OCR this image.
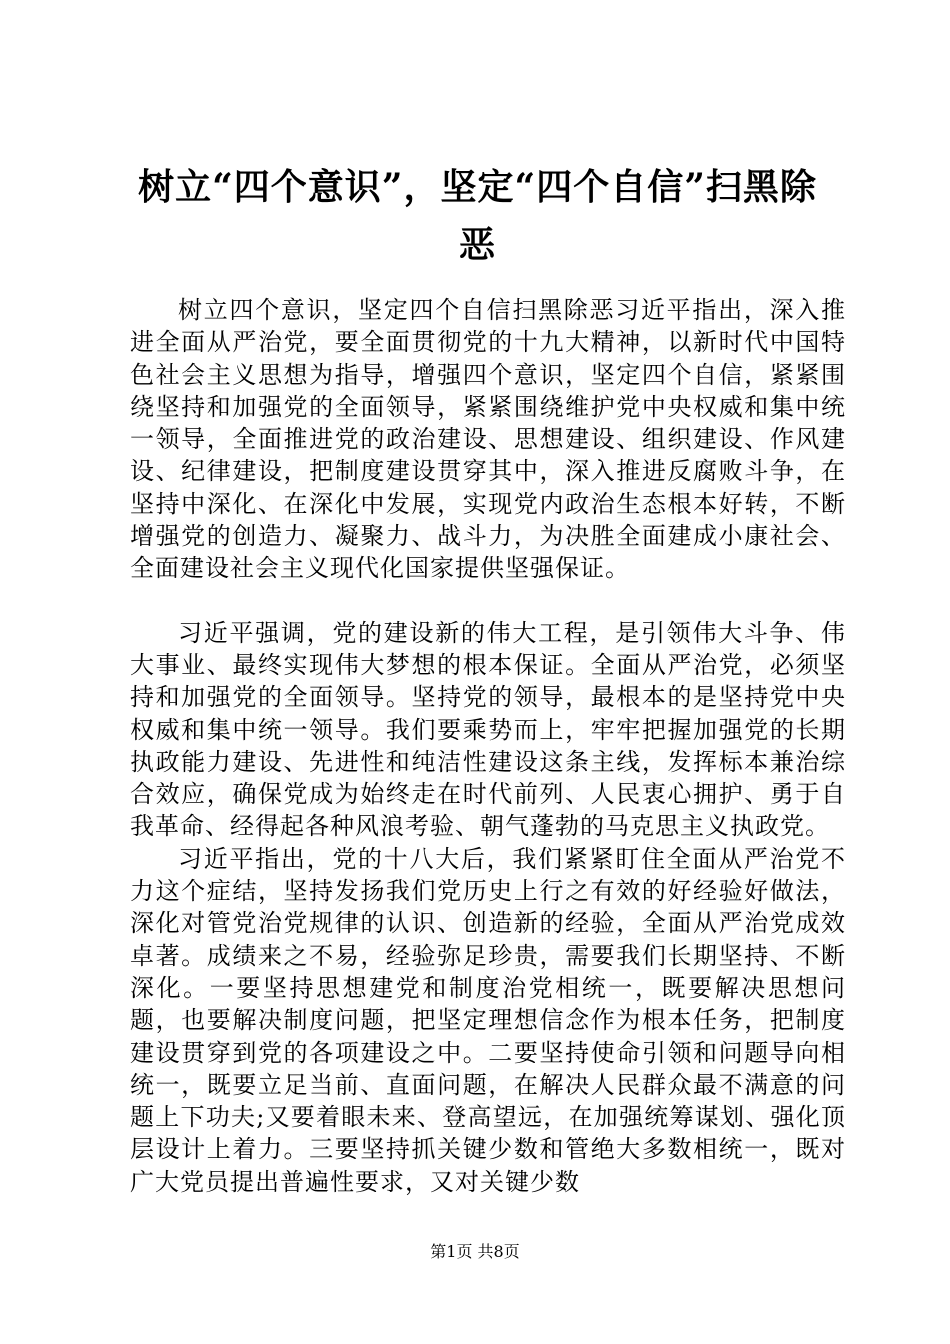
树立“四个意识”，坚定“四个自信”扫黑除恶

树立四个意识，坚定四个自信扫黑除恶习近平指出，深入推进全面从严治党，要全面贯彻党的十九大精神，以新时代中国特色社会主义思想为指导，增强四个意识，坚定四个自信，紧紧围绕坚持和加强党的全面领导，紧紧围绕维护党中央权威和集中统一领导，全面推进党的政治建设、思想建设、组织建设、作风建设、纪律建设，把制度建设贯穿其中，深入推进反腐败斗争，在坚持中深化、在深化中发展，实现党内政治生态根本好转，不断增强党的创造力、凝聚力、战斗力，为决胜全面建成小康社会、全面建设社会主义现代化国家提供坚强保证。

习近平强调，党的建设新的伟大工程，是引领伟大斗争、伟大事业、最终实现伟大梦想的根本保证。全面从严治党，必须坚持和加强党的全面领导。坚持党的领导，最根本的是坚持党中央权威和集中统一领导。我们要乘势而上，牢牢把握加强党的长期执政能力建设、先进性和纯洁性建设这条主线，发挥标本兼治综合效应，确保党成为始终走在时代前列、人民衷心拥护、勇于自我革命、经得起各种风浪考验、朝气蓬勃的马克思主义执政党。

习近平指出，党的十八大后，我们紧紧盯住全面从严治党不力这个症结，坚持发扬我们党历史上行之有效的好经验好做法，深化对管党治党规律的认识、创造新的经验，全面从严治党成效卓著。成绩来之不易，经验弥足珍贵，需要我们长期坚持、不断深化。一要坚持思想建党和制度治党相统一，既要解决思想问题，也要解决制度问题，把坚定理想信念作为根本任务，把制度建设贯穿到党的各项建设之中。二要坚持使命引领和问题导向相统一，既要立足当前、直面问题，在解决人民群众最不满意的问题上下功夫;又要着眼未来、登高望远，在加强统筹谋划、强化顶层设计上着力。三要坚持抓关键少数和管绝大多数相统一，既对广大党员提出普遍性要求，又对关键少数

第1页 共8页
